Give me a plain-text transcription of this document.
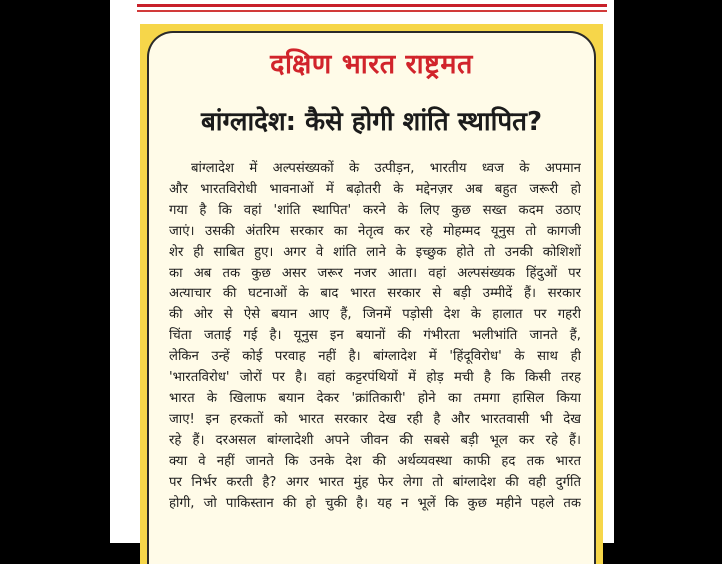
दक्षिण भारत राष्ट्रमत
बांग्लादेश: कैसे होगी शांति स्थापित?
बांग्लादेश में अल्पसंख्यकों के उत्पीड़न, भारतीय ध्वज के अपमान
और भारतविरोधी भावनाओं में बढ़ोतरी के मद्देनज़र अब बहुत जरूरी हो
गया है कि वहां 'शांति स्थापित' करने के लिए कुछ सख्त कदम उठाए
जाएं। उसकी अंतरिम सरकार का नेतृत्व कर रहे मोहम्मद यूनुस तो कागजी
शेर ही साबित हुए। अगर वे शांति लाने के इच्छुक होते तो उनकी कोशिशों
का अब तक कुछ असर जरूर नजर आता। वहां अल्पसंख्यक हिंदुओं पर
अत्याचार की घटनाओं के बाद भारत सरकार से बड़ी उम्मीदें हैं। सरकार
की ओर से ऐसे बयान आए हैं, जिनमें पड़ोसी देश के हालात पर गहरी
चिंता जताई गई है। यूनुस इन बयानों की गंभीरता भलीभांति जानते हैं,
लेकिन उन्हें कोई परवाह नहीं है। बांग्लादेश में 'हिंदूविरोध' के साथ ही
'भारतविरोध' जोरों पर है। वहां कट्टरपंथियों में होड़ मची है कि किसी तरह
भारत के खिलाफ बयान देकर 'क्रांतिकारी' होने का तमगा हासिल किया
जाए! इन हरकतों को भारत सरकार देख रही है और भारतवासी भी देख
रहे हैं। दरअसल बांग्लादेशी अपने जीवन की सबसे बड़ी भूल कर रहे हैं।
क्या वे नहीं जानते कि उनके देश की अर्थव्यवस्था काफी हद तक भारत
पर निर्भर करती है? अगर भारत मुंह फेर लेगा तो बांग्लादेश की वही दुर्गति
होगी, जो पाकिस्तान की हो चुकी है। यह न भूलें कि कुछ महीने पहले तक
